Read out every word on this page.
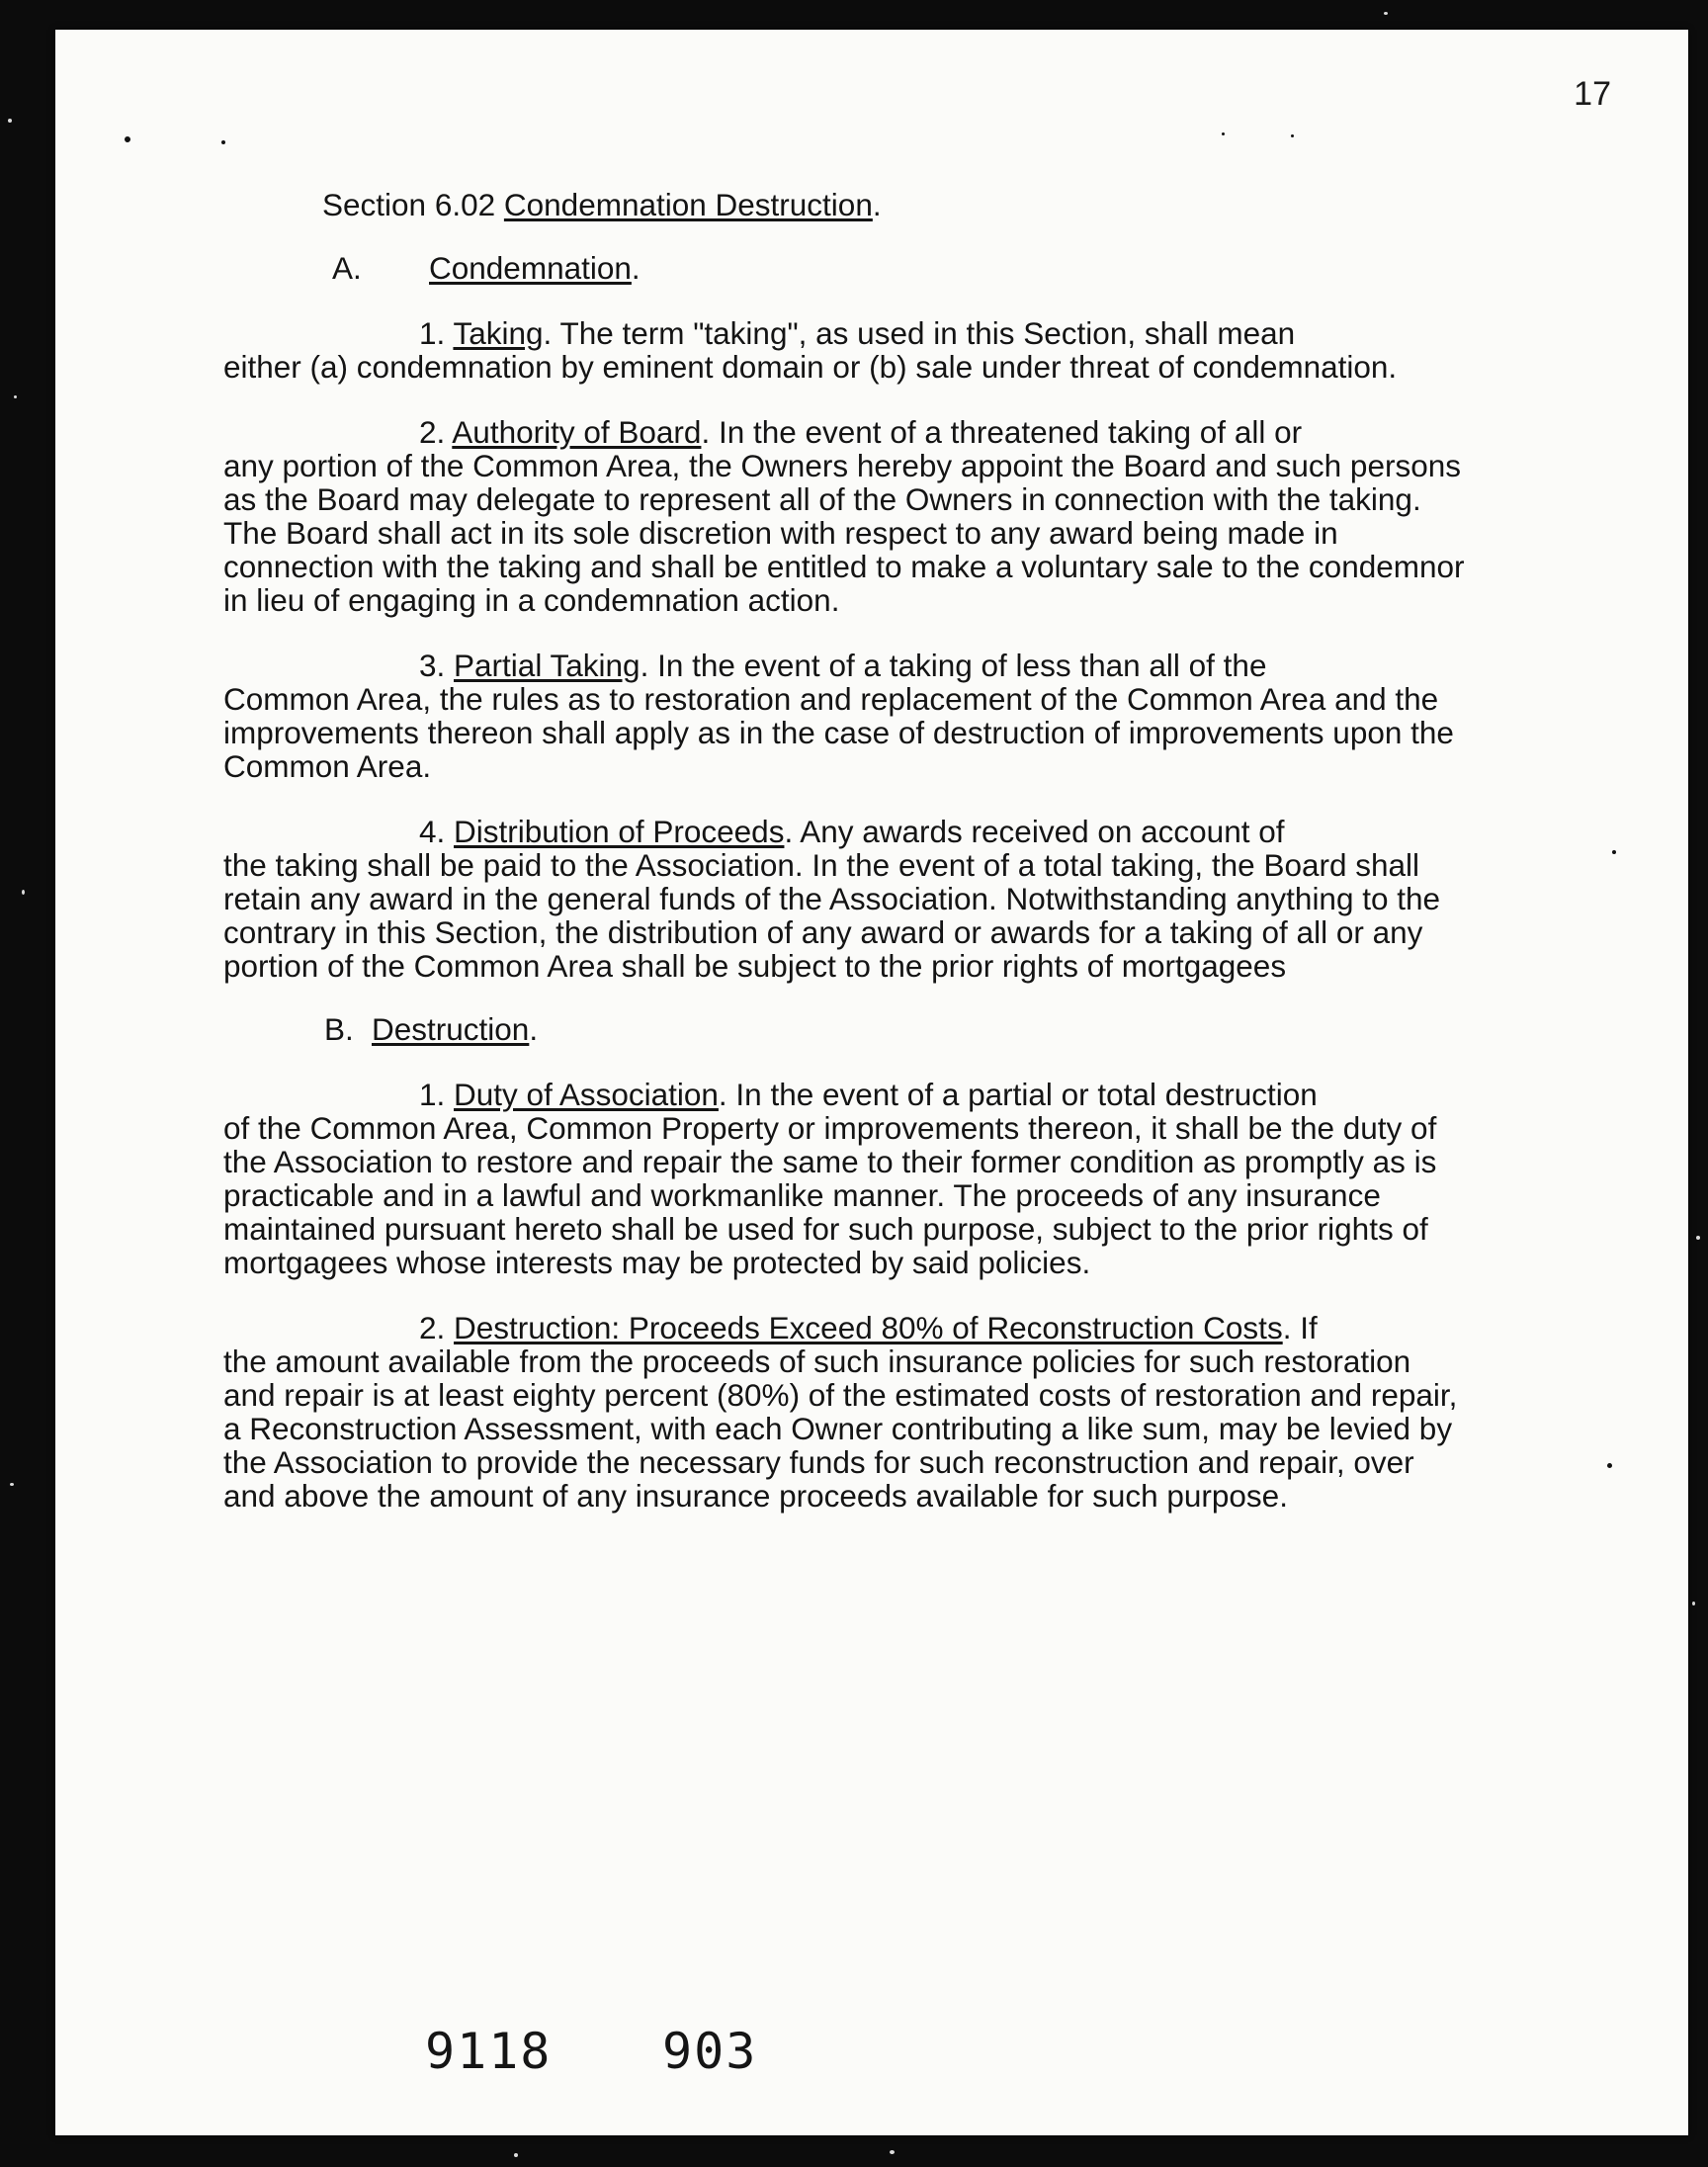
17
Section 6.02 Condemnation Destruction.
A. Condemnation.
1. Taking. The term "taking", as used in this Section, shall mean
either (a) condemnation by eminent domain or (b) sale under threat of condemnation.
2. Authority of Board. In the event of a threatened taking of all or
any portion of the Common Area, the Owners hereby appoint the Board and such persons as the Board may delegate to represent all of the Owners in connection with the taking. The Board shall act in its sole discretion with respect to any award being made in connection with the taking and shall be entitled to make a voluntary sale to the condemnor in lieu of engaging in a condemnation action.
3. Partial Taking. In the event of a taking of less than all of the
Common Area, the rules as to restoration and replacement of the Common Area and the improvements thereon shall apply as in the case of destruction of improvements upon the Common Area.
4. Distribution of Proceeds. Any awards received on account of
the taking shall be paid to the Association. In the event of a total taking, the Board shall retain any award in the general funds of the Association. Notwithstanding anything to the contrary in this Section, the distribution of any award or awards for a taking of all or any portion of the Common Area shall be subject to the prior rights of mortgagees
B. Destruction.
1. Duty of Association. In the event of a partial or total destruction
of the Common Area, Common Property or improvements thereon, it shall be the duty of the Association to restore and repair the same to their former condition as promptly as is practicable and in a lawful and workmanlike manner. The proceeds of any insurance maintained pursuant hereto shall be used for such purpose, subject to the prior rights of mortgagees whose interests may be protected by said policies.
2. Destruction: Proceeds Exceed 80% of Reconstruction Costs. If
the amount available from the proceeds of such insurance policies for such restoration and repair is at least eighty percent (80%) of the estimated costs of restoration and repair, a Reconstruction Assessment, with each Owner contributing a like sum, may be levied by the Association to provide the necessary funds for such reconstruction and repair, over and above the amount of any insurance proceeds available for such purpose.
9118 903
